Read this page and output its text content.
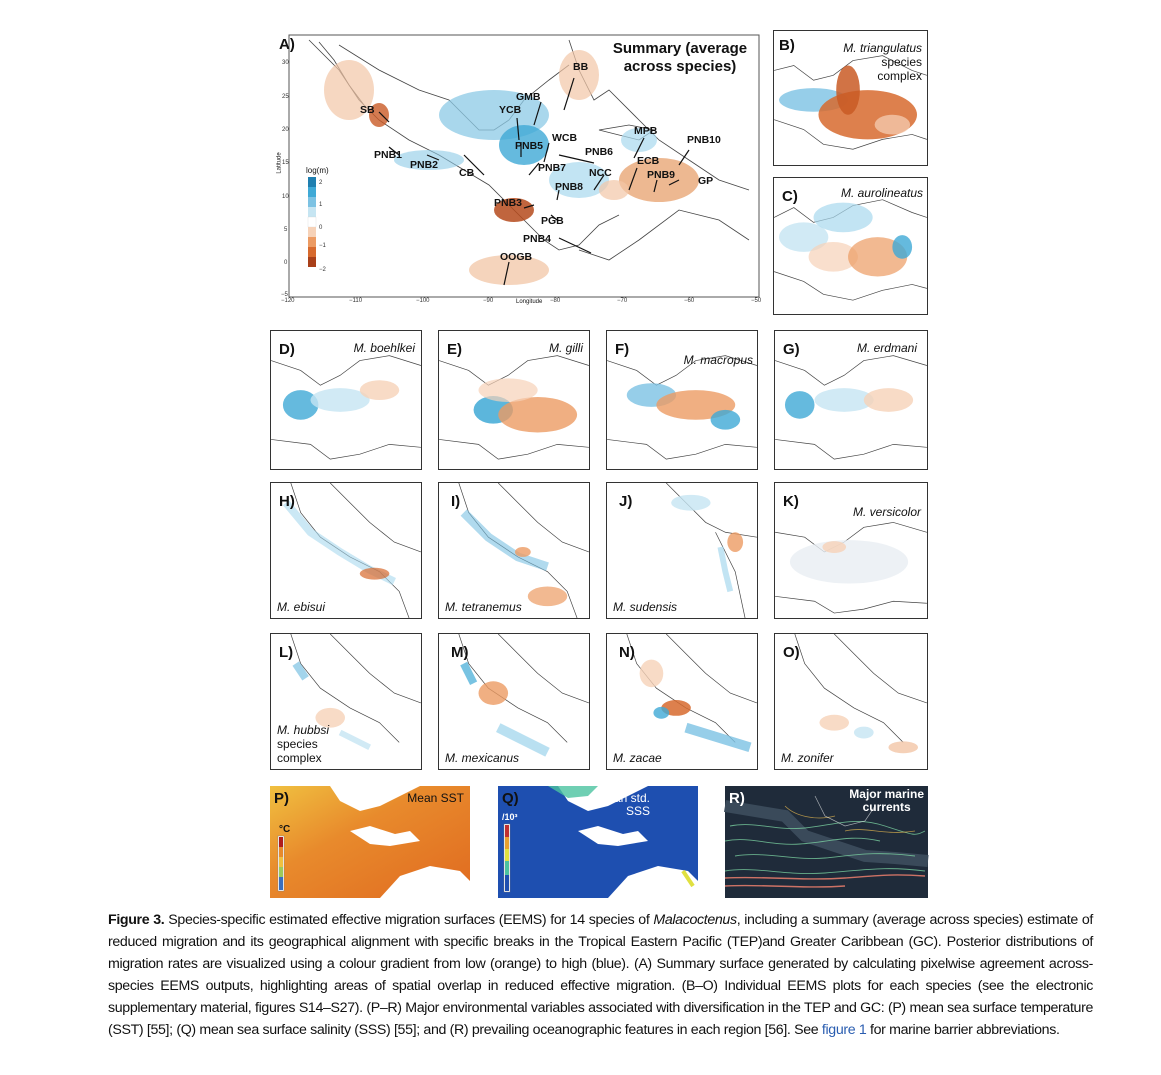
A)	Summary (average
across species)
BB
GMB
YCB
SB
PNB5
WCB
MPB
PNB10
PNB1	PNB6
PNB2
CB
ECB
PNB7 NCC	PNB9 GP
PNB8
PNB3
PGB
PNB4
OOGB
log(m)
2
1
0
−1
−2
Latitude
Longitude
30
25
20
15
10
5
0
−5
−120	−110	−100	−90	−80	−70	−60	−50
B)	M. triangulatus
species
complex
C)	M. aurolineatus
D)	M. boehlkei E)	M. gilli F)
M. macropus
G)	M. erdmani
H)
M. ebisui
I)
M. tetranemus
J)
M. sudensis
K)
M. versicolor
L)
M. hubbsi
species
complex
M)
M. mexicanus
N)
M. zacae
O)
M. zonifer
P)	Mean SST
°C
Q)	Mean std.
SSS
/10³
R)	Major marine
currents
Figure 3. Species-specific estimated effective migration surfaces (EEMS) for 14 species of Malacoctenus, including a summary (average across species) estimate of reduced migration and its geographical alignment with specific breaks in the Tropical Eastern Pacific (TEP)and Greater Caribbean (GC). Posterior distributions of migration rates are visualized using a colour gradient from low (orange) to high (blue). (A) Summary surface generated by calculating pixelwise agreement across-species EEMS outputs, highlighting areas of spatial overlap in reduced effective migration. (B–O) Individual EEMS plots for each species (see the electronic supplementary material, figures S14–S27). (P–R) Major environmental variables associated with diversification in the TEP and GC: (P) mean sea surface temperature (SST) [55]; (Q) mean sea surface salinity (SSS) [55]; and (R) prevailing oceanographic features in each region [56]. See figure 1 for marine barrier abbreviations.
